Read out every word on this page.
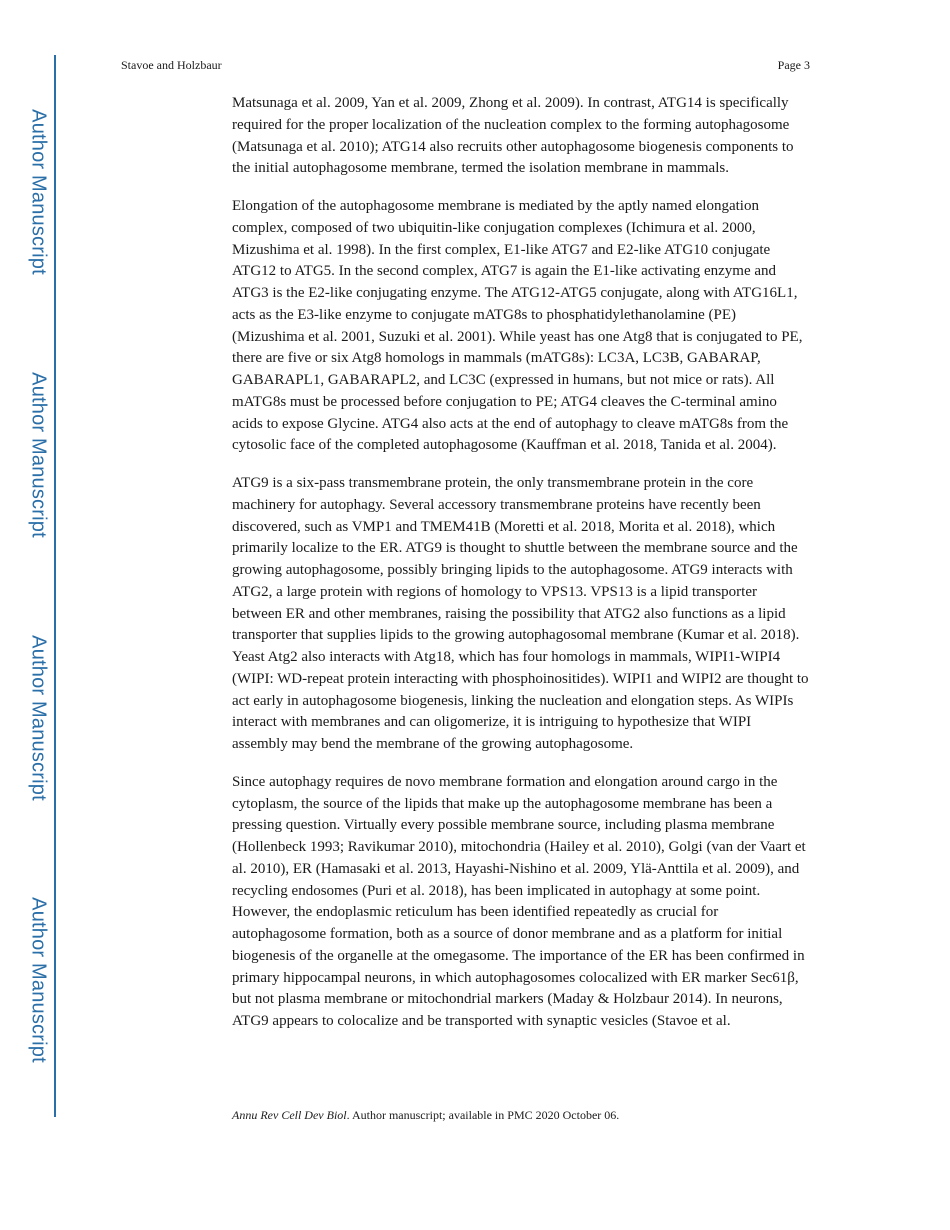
Author Manuscript
Author Manuscript
Author Manuscript
Author Manuscript
Stavoe and Holzbaur	Page 3

Matsunaga et al. 2009, Yan et al. 2009, Zhong et al. 2009). In contrast, ATG14 is specifically required for the proper localization of the nucleation complex to the forming autophagosome (Matsunaga et al. 2010); ATG14 also recruits other autophagosome biogenesis components to the initial autophagosome membrane, termed the isolation membrane in mammals.

Elongation of the autophagosome membrane is mediated by the aptly named elongation complex, composed of two ubiquitin-like conjugation complexes (Ichimura et al. 2000, Mizushima et al. 1998). In the first complex, E1-like ATG7 and E2-like ATG10 conjugate ATG12 to ATG5. In the second complex, ATG7 is again the E1-like activating enzyme and ATG3 is the E2-like conjugating enzyme. The ATG12-ATG5 conjugate, along with ATG16L1, acts as the E3-like enzyme to conjugate mATG8s to phosphatidylethanolamine (PE) (Mizushima et al. 2001, Suzuki et al. 2001). While yeast has one Atg8 that is conjugated to PE, there are five or six Atg8 homologs in mammals (mATG8s): LC3A, LC3B, GABARAP, GABARAPL1, GABARAPL2, and LC3C (expressed in humans, but not mice or rats). All mATG8s must be processed before conjugation to PE; ATG4 cleaves the C-terminal amino acids to expose Glycine. ATG4 also acts at the end of autophagy to cleave mATG8s from the cytosolic face of the completed autophagosome (Kauffman et al. 2018, Tanida et al. 2004).

ATG9 is a six-pass transmembrane protein, the only transmembrane protein in the core machinery for autophagy. Several accessory transmembrane proteins have recently been discovered, such as VMP1 and TMEM41B (Moretti et al. 2018, Morita et al. 2018), which primarily localize to the ER. ATG9 is thought to shuttle between the membrane source and the growing autophagosome, possibly bringing lipids to the autophagosome. ATG9 interacts with ATG2, a large protein with regions of homology to VPS13. VPS13 is a lipid transporter between ER and other membranes, raising the possibility that ATG2 also functions as a lipid transporter that supplies lipids to the growing autophagosomal membrane (Kumar et al. 2018). Yeast Atg2 also interacts with Atg18, which has four homologs in mammals, WIPI1-WIPI4 (WIPI: WD-repeat protein interacting with phosphoinositides). WIPI1 and WIPI2 are thought to act early in autophagosome biogenesis, linking the nucleation and elongation steps. As WIPIs interact with membranes and can oligomerize, it is intriguing to hypothesize that WIPI assembly may bend the membrane of the growing autophagosome.

Since autophagy requires de novo membrane formation and elongation around cargo in the cytoplasm, the source of the lipids that make up the autophagosome membrane has been a pressing question. Virtually every possible membrane source, including plasma membrane (Hollenbeck 1993; Ravikumar 2010), mitochondria (Hailey et al. 2010), Golgi (van der Vaart et al. 2010), ER (Hamasaki et al. 2013, Hayashi-Nishino et al. 2009, Ylä-Anttila et al. 2009), and recycling endosomes (Puri et al. 2018), has been implicated in autophagy at some point. However, the endoplasmic reticulum has been identified repeatedly as crucial for autophagosome formation, both as a source of donor membrane and as a platform for initial biogenesis of the organelle at the omegasome. The importance of the ER has been confirmed in primary hippocampal neurons, in which autophagosomes colocalized with ER marker Sec61β, but not plasma membrane or mitochondrial markers (Maday & Holzbaur 2014). In neurons, ATG9 appears to colocalize and be transported with synaptic vesicles (Stavoe et al.

Annu Rev Cell Dev Biol. Author manuscript; available in PMC 2020 October 06.
